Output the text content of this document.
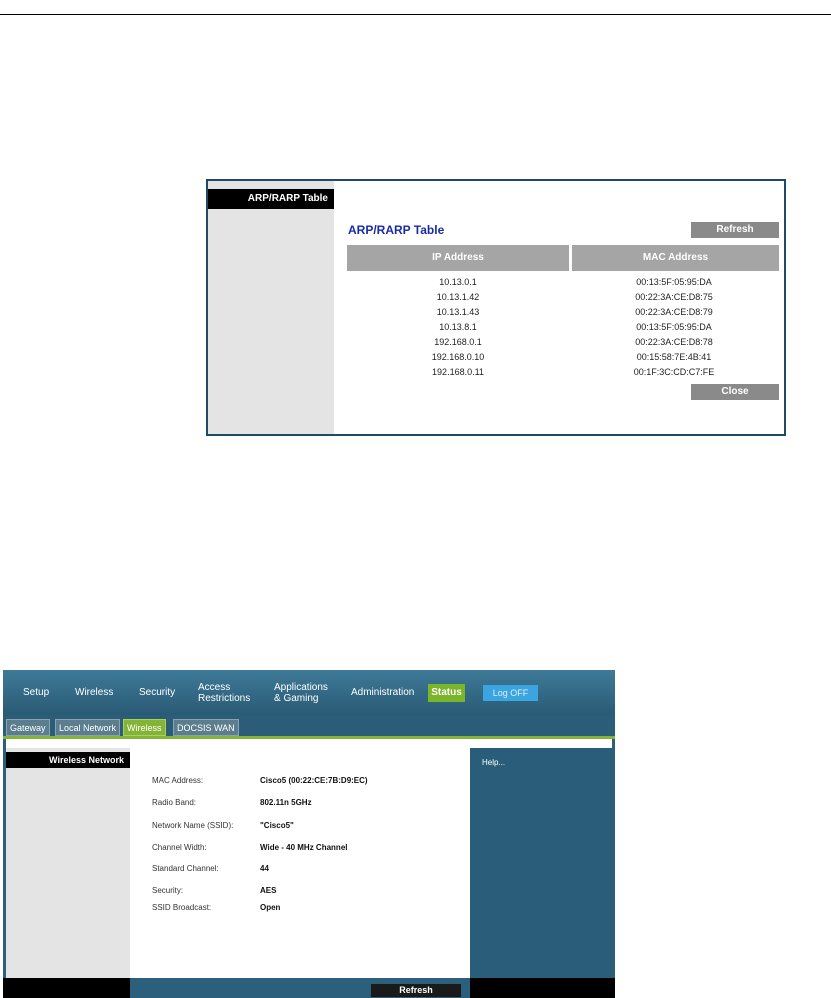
ARP/RARP Table
ARP/RARP Table	Refresh
IP Address	MAC Address
10.13.0.1	00:13:5F:05:95:DA
10.13.1.42	00:22:3A:CE:D8:75
10.13.1.43	00:22:3A:CE:D8:79
10.13.8.1	00:13:5F:05:95:DA
192.168.0.1	00:22:3A:CE:D8:78
192.168.0.10	00:15:58:7E:4B:41
192.168.0.11	00:1F:3C:CD:C7:FE
Close
Setup	Wireless	Security Access
Restrictions
Applications
& Gaming	Administration	Status	Log OFF
Gateway	Local Network	Wireless	DOCSIS WAN
Wireless Network
MAC Address:	Cisco5 (00:22:CE:7B:D9:EC)
Radio Band:	802.11n 5GHz
Network Name (SSID):	"Cisco5"
Channel Width:	Wide - 40 MHz Channel
Standard Channel:	44
Security:	AES
SSID Broadcast:	Open
Help...
Refresh
